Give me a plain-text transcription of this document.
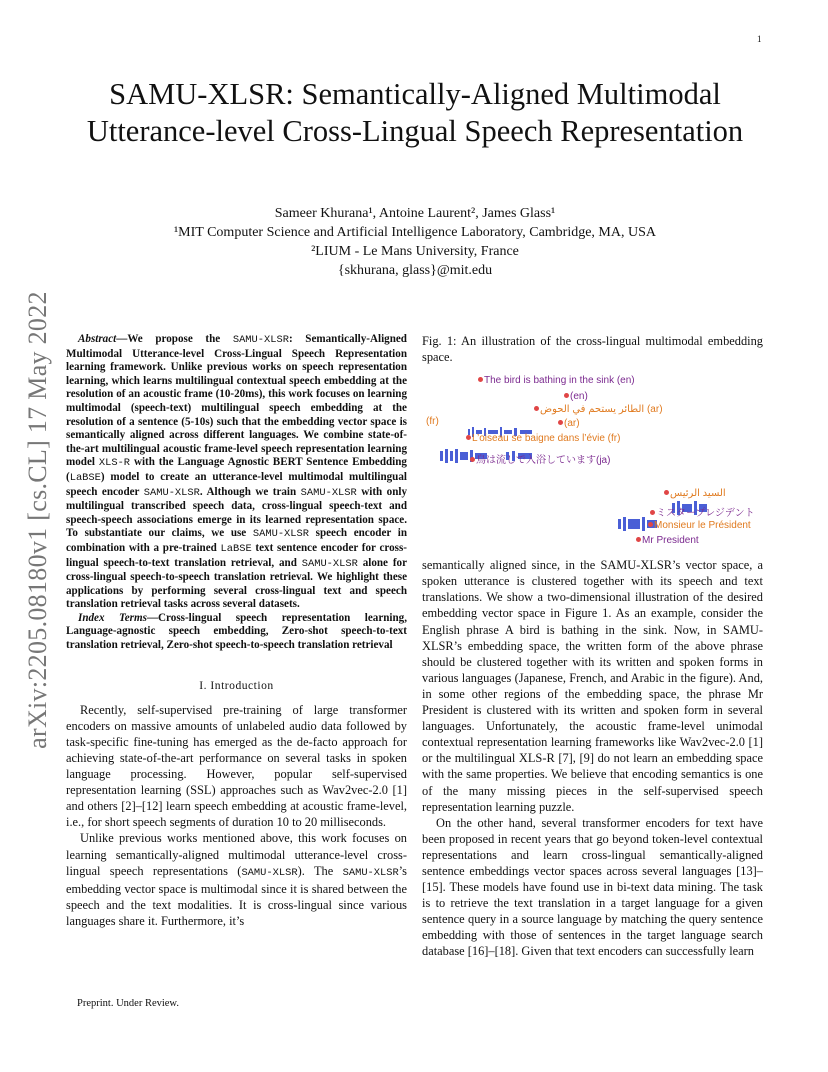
1
arXiv:2205.08180v1 [cs.CL] 17 May 2022
SAMU-XLSR: Semantically-Aligned Multimodal Utterance-level Cross-Lingual Speech Representation
Sameer Khurana¹, Antoine Laurent², James Glass¹
¹MIT Computer Science and Artificial Intelligence Laboratory, Cambridge, MA, USA
²LIUM - Le Mans University, France
{skhurana, glass}@mit.edu

Abstract—We propose the SAMU-XLSR: Semantically-Aligned Multimodal Utterance-level Cross-Lingual Speech Representation learning framework. Unlike previous works on speech representation learning, which learns multilingual contextual speech embedding at the resolution of an acoustic frame (10-20ms), this work focuses on learning multimodal (speech-text) multilingual speech embedding at the resolution of a sentence (5-10s) such that the embedding vector space is semantically aligned across different languages. We combine state-of-the-art multilingual acoustic frame-level speech representation learning model XLS-R with the Language Agnostic BERT Sentence Embedding (LaBSE) model to create an utterance-level multimodal multilingual speech encoder SAMU-XLSR. Although we train SAMU-XLSR with only multilingual transcribed speech data, cross-lingual speech-text and speech-speech associations emerge in its learned representation space. To substantiate our claims, we use SAMU-XLSR speech encoder in combination with a pre-trained LaBSE text sentence encoder for cross-lingual speech-to-text translation retrieval, and SAMU-XLSR alone for cross-lingual speech-to-speech translation retrieval. We highlight these applications by performing several cross-lingual text and speech translation retrieval tasks across several datasets.

Index Terms—Cross-lingual speech representation learning, Language-agnostic speech embedding, Zero-shot speech-to-text translation retrieval, Zero-shot speech-to-speech translation retrieval

I. Introduction

Recently, self-supervised pre-training of large transformer encoders on massive amounts of unlabeled audio data followed by task-specific fine-tuning has emerged as the de-facto approach for achieving state-of-the-art performance on several tasks in spoken language processing. However, popular self-supervised representation learning (SSL) approaches such as Wav2vec-2.0 [1] and others [2]–[12] learn speech embedding at acoustic frame-level, i.e., for short speech segments of duration 10 to 20 milliseconds.

Unlike previous works mentioned above, this work focuses on learning semantically-aligned multimodal utterance-level cross-lingual speech representations (SAMU-XLSR). The SAMU-XLSR’s embedding vector space is multimodal since it is shared between the speech and the text modalities. It is cross-lingual since various languages share it. Furthermore, it’s

Fig. 1: An illustration of the cross-lingual multimodal embedding space.

The bird is bathing in the sink (en)
(en)
الطائر يستحم في الحوض (ar)
(ar)
(fr)
L’oiseau se baigne dans l’évie (fr)
鳥は流しで入浴しています(ja)
السيد الرئيس
ミスタープレジデント
Monsieur le Président
Mr President

semantically aligned since, in the SAMU-XLSR’s vector space, a spoken utterance is clustered together with its speech and text translations. We show a two-dimensional illustration of the desired embedding vector space in Figure 1. As an example, consider the English phrase A bird is bathing in the sink. Now, in SAMU-XLSR’s embedding space, the written form of the above phrase should be clustered together with its written and spoken forms in various languages (Japanese, French, and Arabic in the figure). And, in some other regions of the embedding space, the phrase Mr President is clustered with its written and spoken form in several languages. Unfortunately, the acoustic frame-level unimodal contextual representation learning frameworks like Wav2vec-2.0 [1] or the multilingual XLS-R [7], [9] do not learn an embedding space with the same properties. We believe that encoding semantics is one of the many missing pieces in the self-supervised speech representation learning puzzle.

On the other hand, several transformer encoders for text have been proposed in recent years that go beyond token-level contextual representations and learn cross-lingual semantically-aligned sentence embeddings vector spaces across several languages [13]–[15]. These models have found use in bi-text data mining. The task is to retrieve the text translation in a target language for a given sentence query in a source language by matching the query sentence embedding with those of sentences in the target language search database [16]–[18]. Given that text encoders can successfully learn

Preprint. Under Review.
